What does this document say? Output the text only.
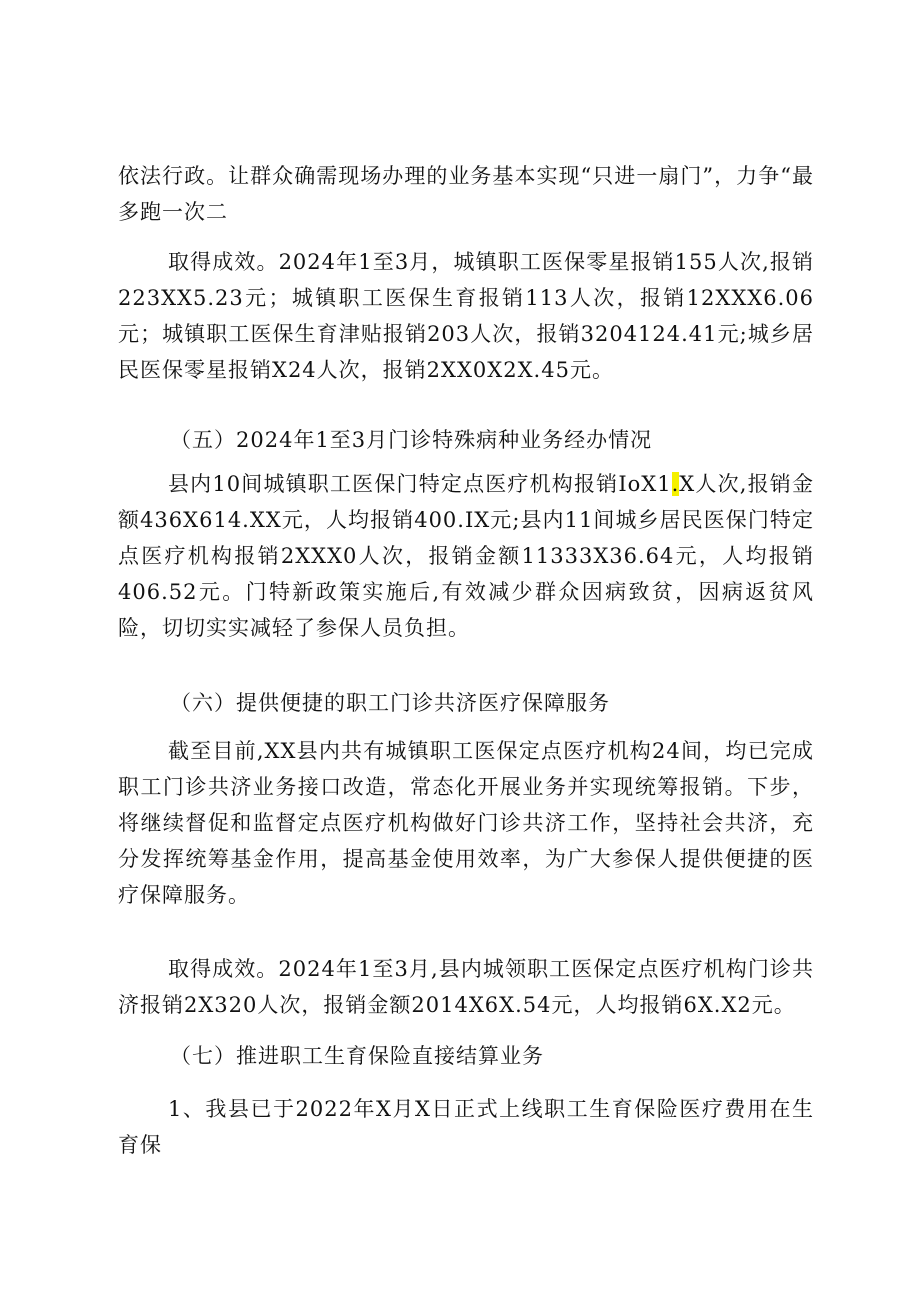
依法行政。让群众确需现场办理的业务基本实现“只进一扇门”，力争“最多跑一次二

取得成效。2024年1至3月，城镇职工医保零星报销155人次,报销223XX5.23元；城镇职工医保生育报销113人次，报销12XXX6.06元；城镇职工医保生育津贴报销203人次，报销3204124.41元;城乡居民医保零星报销X24人次，报销2XX0X2X.45元。

（五）2024年1至3月门诊特殊病种业务经办情况

县内10间城镇职工医保门特定点医疗机构报销IoX1.X人次,报销金额436X614.XX元，人均报销400.IX元;县内11间城乡居民医保门特定点医疗机构报销2XXX0人次，报销金额11333X36.64元，人均报销406.52元。门特新政策实施后,有效减少群众因病致贫，因病返贫风险，切切实实减轻了参保人员负担。

（六）提供便捷的职工门诊共济医疗保障服务

截至目前,XX县内共有城镇职工医保定点医疗机构24间，均已完成职工门诊共济业务接口改造，常态化开展业务并实现统筹报销。下步，将继续督促和监督定点医疗机构做好门诊共济工作，坚持社会共济，充分发挥统筹基金作用，提高基金使用效率，为广大参保人提供便捷的医疗保障服务。

取得成效。2024年1至3月,县内城领职工医保定点医疗机构门诊共济报销2X320人次，报销金额2014X6X.54元，人均报销6X.X2元。

（七）推进职工生育保险直接结算业务

1、我县已于2022年X月X日正式上线职工生育保险医疗费用在生育保
